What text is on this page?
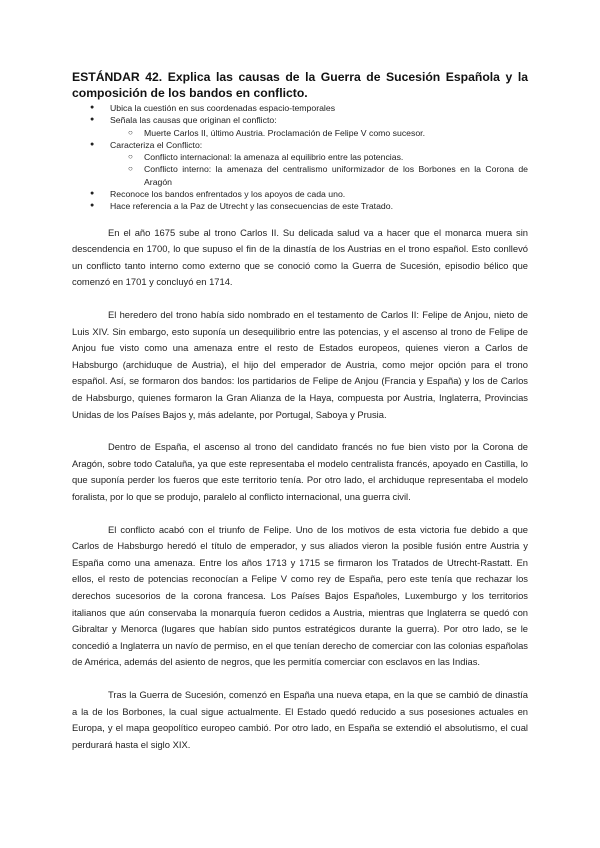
ESTÁNDAR 42. Explica las causas de la Guerra de Sucesión Española y la composición de los bandos en conflicto.
● Ubica la cuestión en sus coordenadas espacio-temporales
● Señala las causas que originan el conflicto:
○ Muerte Carlos II, último Austria. Proclamación de Felipe V como sucesor.
● Caracteriza el Conflicto:
○ Conflicto internacional: la amenaza al equilibrio entre las potencias.
○ Conflicto interno: la amenaza del centralismo uniformizador de los Borbones en la Corona de Aragón
● Reconoce los bandos enfrentados y los apoyos de cada uno.
● Hace referencia a la Paz de Utrecht y las consecuencias de este Tratado.

En el año 1675 sube al trono Carlos II. Su delicada salud va a hacer que el monarca muera sin descendencia en 1700, lo que supuso el fin de la dinastía de los Austrias en el trono español. Esto conllevó un conflicto tanto interno como externo que se conoció como la Guerra de Sucesión, episodio bélico que comenzó en 1701 y concluyó en 1714.

El heredero del trono había sido nombrado en el testamento de Carlos II: Felipe de Anjou, nieto de Luis XIV. Sin embargo, esto suponía un desequilibrio entre las potencias, y el ascenso al trono de Felipe de Anjou fue visto como una amenaza entre el resto de Estados europeos, quienes vieron a Carlos de Habsburgo (archiduque de Austria), el hijo del emperador de Austria, como mejor opción para el trono español. Así, se formaron dos bandos: los partidarios de Felipe de Anjou (Francia y España) y los de Carlos de Habsburgo, quienes formaron la Gran Alianza de la Haya, compuesta por Austria, Inglaterra, Provincias Unidas de los Países Bajos y, más adelante, por Portugal, Saboya y Prusia.

Dentro de España, el ascenso al trono del candidato francés no fue bien visto por la Corona de Aragón, sobre todo Cataluña, ya que este representaba el modelo centralista francés, apoyado en Castilla, lo que suponía perder los fueros que este territorio tenía. Por otro lado, el archiduque representaba el modelo foralista, por lo que se produjo, paralelo al conflicto internacional, una guerra civil.

El conflicto acabó con el triunfo de Felipe. Uno de los motivos de esta victoria fue debido a que Carlos de Habsburgo heredó el título de emperador, y sus aliados vieron la posible fusión entre Austria y España como una amenaza. Entre los años 1713 y 1715 se firmaron los Tratados de Utrecht-Rastatt. En ellos, el resto de potencias reconocían a Felipe V como rey de España, pero este tenía que rechazar los derechos sucesorios de la corona francesa. Los Países Bajos Españoles, Luxemburgo y los territorios italianos que aún conservaba la monarquía fueron cedidos a Austria, mientras que Inglaterra se quedó con Gibraltar y Menorca (lugares que habían sido puntos estratégicos durante la guerra). Por otro lado, se le concedió a Inglaterra un navío de permiso, en el que tenían derecho de comerciar con las colonias españolas de América, además del asiento de negros, que les permitía comerciar con esclavos en las Indias.

Tras la Guerra de Sucesión, comenzó en España una nueva etapa, en la que se cambió de dinastía a la de los Borbones, la cual sigue actualmente. El Estado quedó reducido a sus posesiones actuales en Europa, y el mapa geopolítico europeo cambió. Por otro lado, en España se extendió el absolutismo, el cual perdurará hasta el siglo XIX.
